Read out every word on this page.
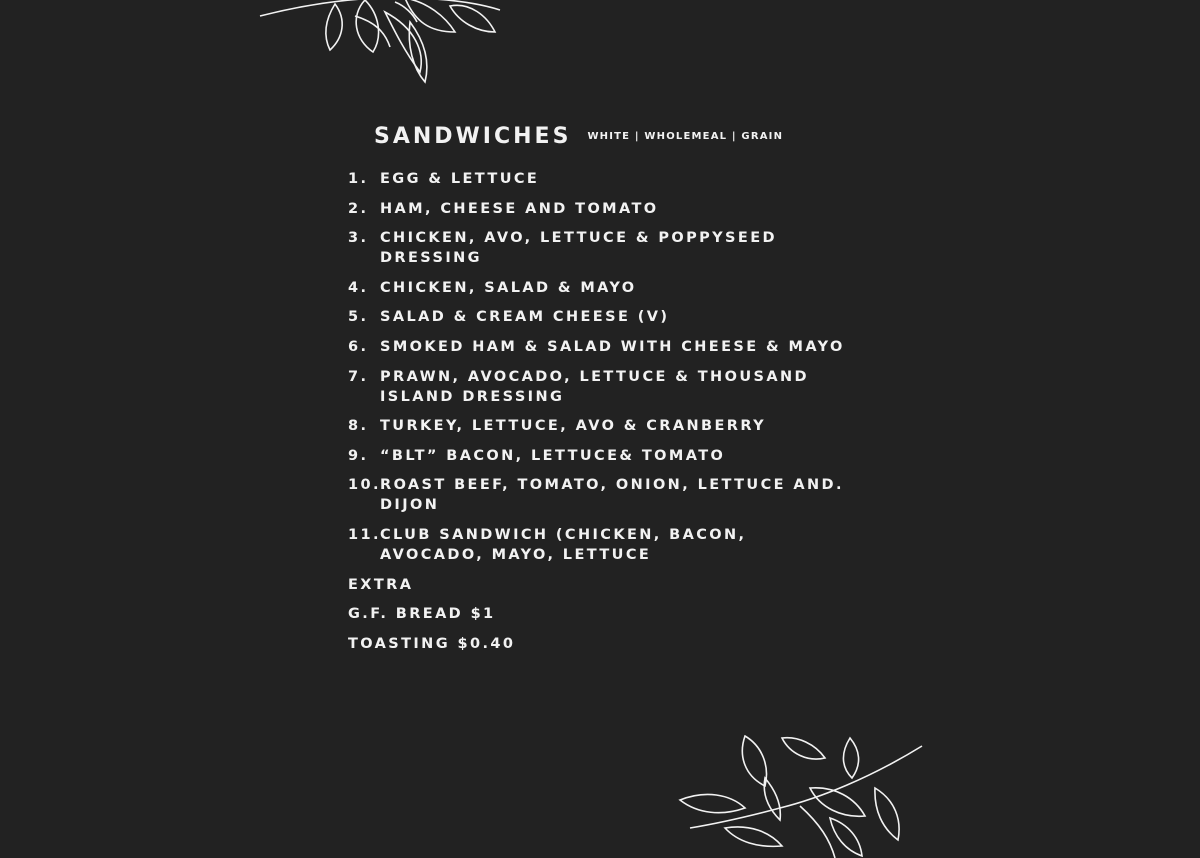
SANDWICHES WHITE | WHOLEMEAL | GRAIN
1. EGG & LETTUCE
2. HAM, CHEESE AND TOMATO
3. CHICKEN, AVO, LETTUCE & POPPYSEED DRESSING
4. CHICKEN, SALAD & MAYO
5. SALAD & CREAM CHEESE (V)
6. SMOKED HAM & SALAD WITH CHEESE & MAYO
7. PRAWN, AVOCADO, LETTUCE & THOUSAND ISLAND DRESSING
8. TURKEY, LETTUCE, AVO & CRANBERRY
9. “BLT” BACON, LETTUCE& TOMATO
10. ROAST BEEF, TOMATO, ONION, LETTUCE AND. DIJON
11. CLUB SANDWICH (CHICKEN, BACON, AVOCADO, MAYO, LETTUCE
EXTRA
G.F. BREAD $1
TOASTING $0.40
